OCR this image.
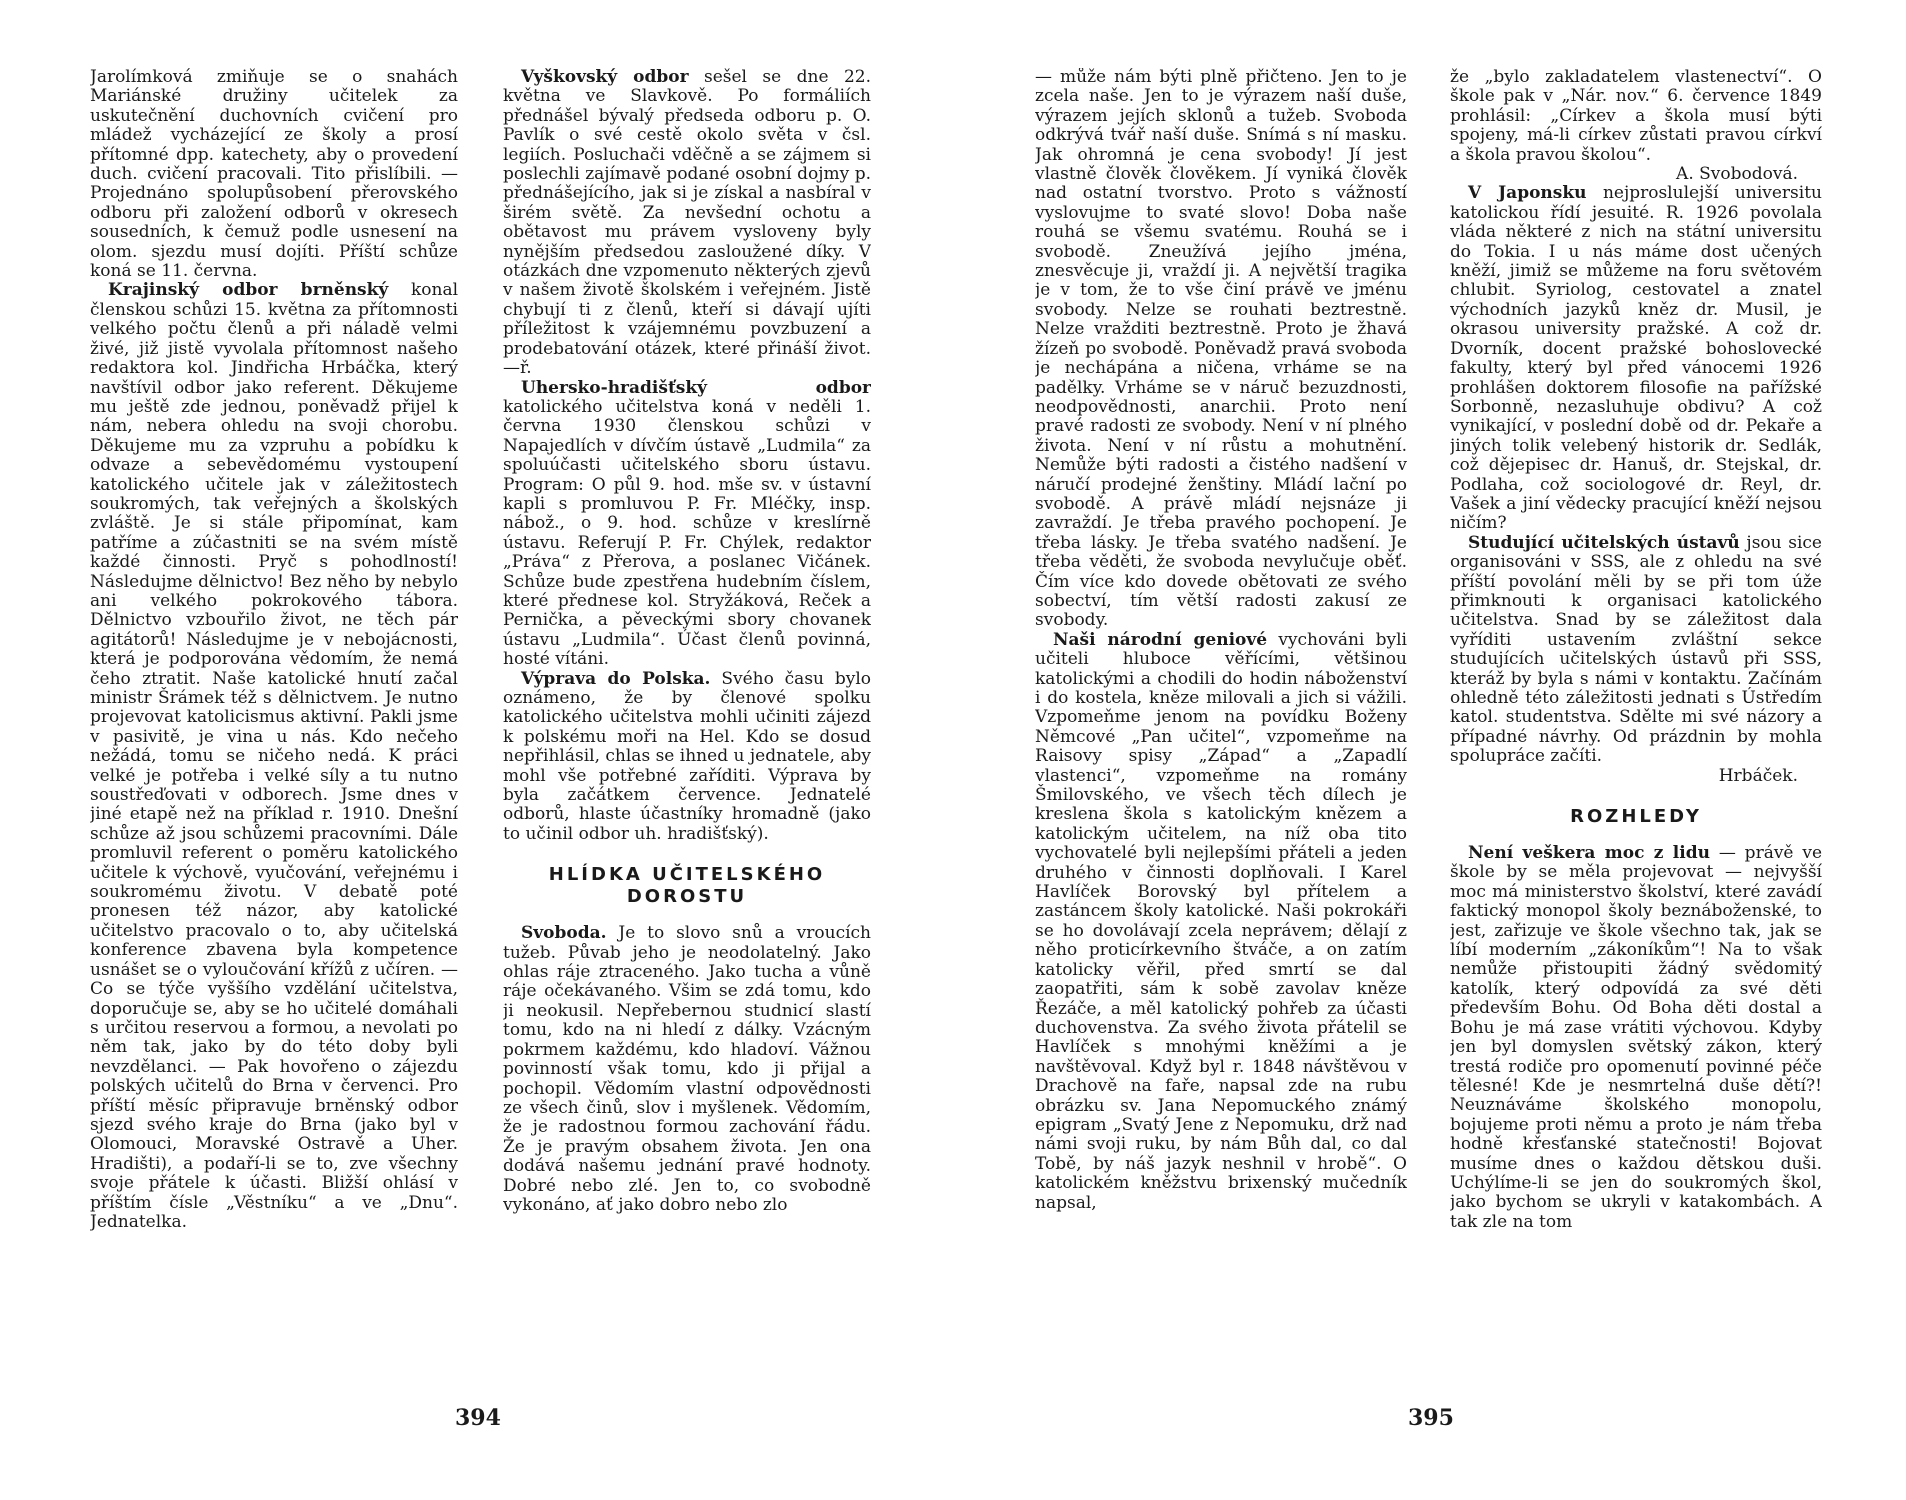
Jarolímková zmiňuje se o snahách Mariánské družiny učitelek za uskutečnění duchovních cvičení pro mládež vycházející ze školy a prosí přítomné dpp. katechety, aby o provedení duch. cvičení pracovali. Tito přislíbili. — Projednáno spolupůsobení přerovského odboru při založení odborů v okresech sousedních, k čemuž podle usnesení na olom. sjezdu musí dojíti. Příští schůze koná se 11. června.

Krajinský odbor brněnský konal členskou schůzi 15. května za přítomnosti velkého počtu členů a při náladě velmi živé, již jistě vyvolala přítomnost našeho redaktora kol. Jindřicha Hrbáčka, který navštívil odbor jako referent. Děkujeme mu ještě zde jednou, poněvadž přijel k nám, nebera ohledu na svoji chorobu. Děkujeme mu za vzpruhu a pobídku k odvaze a sebevědomému vystoupení katolického učitele jak v záležitostech soukromých, tak veřejných a školských zvláště. Je si stále připomínat, kam patříme a zúčastniti se na svém místě každé činnosti. Pryč s pohodlností! Následujme dělnictvo! Bez něho by nebylo ani velkého pokrokového tábora. Dělnictvo vzbouřilo život, ne těch pár agitátorů! Následujme je v nebojácnosti, která je podporována vědomím, že nemá čeho ztratit. Naše katolické hnutí začal ministr Šrámek též s dělnictvem. Je nutno projevovat katolicismus aktivní. Pakli jsme v pasivitě, je vina u nás. Kdo nečeho nežádá, tomu se ničeho nedá. K práci velké je potřeba i velké síly a tu nutno soustřeďovati v odborech. Jsme dnes v jiné etapě než na příklad r. 1910. Dnešní schůze až jsou schůzemi pracovními. Dále promluvil referent o poměru katolického učitele k výchově, vyučování, veřejnému i soukromému životu. V debatě poté pronesen též názor, aby katolické učitelstvo pracovalo o to, aby učitelská konference zbavena byla kompetence usnášet se o vyloučování křížů z učíren. — Co se týče vyššího vzdělání učitelstva, doporučuje se, aby se ho učitelé domáhali s určitou reservou a formou, a nevolati po něm tak, jako by do této doby byli nevzdělanci. — Pak hovořeno o zájezdu polských učitelů do Brna v červenci. Pro příští měsíc připravuje brněnský odbor sjezd svého kraje do Brna (jako byl v Olomouci, Moravské Ostravě a Uher. Hradišti), a podaří-li se to, zve všechny svoje přátele k účasti. Bližší ohlásí v příštím čísle „Věstníku“ a ve „Dnu“. Jednatelka.

Vyškovský odbor sešel se dne 22. května ve Slavkově. Po formáliích přednášel bývalý předseda odboru p. O. Pavlík o své cestě okolo světa v čsl. legiích. Posluchači vděčně a se zájmem si poslechli zajímavě podané osobní dojmy p. přednášejícího, jak si je získal a nasbíral v širém světě. Za nevšední ochotu a obětavost mu právem vysloveny byly nynějším předsedou zasloužené díky. V otázkách dne vzpomenuto některých zjevů v našem životě školském i veřejném. Jistě chybují ti z členů, kteří si dávají ujíti příležitost k vzájemnému povzbuzení a prodebatování otázek, které přináší život. —ř.

Uhersko-hradišťský odbor katolického učitelstva koná v neděli 1. června 1930 členskou schůzi v Napajedlích v dívčím ústavě „Ludmila“ za spoluúčasti učitelského sboru ústavu. Program: O půl 9. hod. mše sv. v ústavní kapli s promluvou P. Fr. Mléčky, insp. nábož., o 9. hod. schůze v kreslírně ústavu. Referují P. Fr. Chýlek, redaktor „Práva“ z Přerova, a poslanec Vičánek. Schůze bude zpestřena hudebním číslem, které přednese kol. Stryžáková, Reček a Pernička, a pěveckými sbory chovanek ústavu „Ludmila“. Účast členů povinná, hosté vítáni.

Výprava do Polska. Svého času bylo oznámeno, že by členové spolku katolického učitelstva mohli učiniti zájezd k polskému moři na Hel. Kdo se dosud nepřihlásil, chlas se ihned u jednatele, aby mohl vše potřebné zaříditi. Výprava by byla začátkem července. Jednatelé odborů, hlaste účastníky hromadně (jako to učinil odbor uh. hradišťský).

HLÍDKA UČITELSKÉHO DOROSTU

Svoboda. Je to slovo snů a vroucích tužeb. Půvab jeho je neodolatelný. Jako ohlas ráje ztraceného. Jako tucha a vůně ráje očekávaného. Všim se zdá tomu, kdo ji neokusil. Nepřebernou studnicí slastí tomu, kdo na ni hledí z dálky. Vzácným pokrmem každému, kdo hladoví. Vážnou povinností však tomu, kdo ji přijal a pochopil. Vědomím vlastní odpovědnosti ze všech činů, slov i myšlenek. Vědomím, že je radostnou formou zachování řádu. Že je pravým obsahem života. Jen ona dodává našemu jednání pravé hodnoty. Dobré nebo zlé. Jen to, co svobodně vykonáno, ať jako dobro nebo zlo

394

— může nám býti plně přičteno. Jen to je zcela naše. Jen to je výrazem naší duše, výrazem jejích sklonů a tužeb. Svoboda odkrývá tvář naší duše. Snímá s ní masku. Jak ohromná je cena svobody! Jí jest vlastně člověk člověkem. Jí vyniká člověk nad ostatní tvorstvo. Proto s vážností vyslovujme to svaté slovo! Doba naše rouhá se všemu svatému. Rouhá se i svobodě. Zneužívá jejího jména, znesvěcuje ji, vraždí ji. A největší tragika je v tom, že to vše činí právě ve jménu svobody. Nelze se rouhati beztrestně. Nelze vražditi beztrestně. Proto je žhavá žízeň po svobodě. Poněvadž pravá svoboda je nechápána a ničena, vrháme se na padělky. Vrháme se v náruč bezuzdnosti, neodpovědnosti, anarchii. Proto není pravé radosti ze svobody. Není v ní plného života. Není v ní růstu a mohutnění. Nemůže býti radosti a čistého nadšení v náručí prodejné ženštiny. Mládí lační po svobodě. A právě mládí nejsnáze ji zavraždí. Je třeba pravého pochopení. Je třeba lásky. Je třeba svatého nadšení. Je třeba věděti, že svoboda nevylučuje oběť. Čím více kdo dovede obětovati ze svého sobectví, tím větší radosti zakusí ze svobody.

Naši národní geniové vychováni byli učiteli hluboce věřícími, většinou katolickými a chodili do hodin náboženství i do kostela, kněze milovali a jich si vážili. Vzpomeňme jenom na povídku Boženy Němcové „Pan učitel“, vzpomeňme na Raisovy spisy „Západ“ a „Zapadlí vlastenci“, vzpomeňme na romány Šmilovského, ve všech těch dílech je kreslena škola s katolickým knězem a katolickým učitelem, na níž oba tito vychovatelé byli nejlepšími přáteli a jeden druhého v činnosti doplňovali. I Karel Havlíček Borovský byl přítelem a zastáncem školy katolické. Naši pokrokáři se ho dovolávají zcela neprávem; dělají z něho proticírkevního štváče, a on zatím katolicky věřil, před smrtí se dal zaopatřiti, sám k sobě zavolav kněze Řezáče, a měl katolický pohřeb za účasti duchovenstva. Za svého života přátelil se Havlíček s mnohými kněžími a je navštěvoval. Když byl r. 1848 návštěvou v Drachově na faře, napsal zde na rubu obrázku sv. Jana Nepomuckého známý epigram „Svatý Jene z Nepomuku, drž nad námi svoji ruku, by nám Bůh dal, co dal Tobě, by náš jazyk neshnil v hrobě“. O katolickém kněžstvu brixenský mučedník napsal,

že „bylo zakladatelem vlastenectví“. O škole pak v „Nár. nov.“ 6. července 1849 prohlásil: „Církev a škola musí býti spojeny, má-li církev zůstati pravou církví a škola pravou školou“.

A. Svobodová.

V Japonsku nejproslulejší universitu katolickou řídí jesuité. R. 1926 povolala vláda některé z nich na státní universitu do Tokia. I u nás máme dost učených kněží, jimiž se můžeme na foru světovém chlubit. Syriolog, cestovatel a znatel východních jazyků kněz dr. Musil, je okrasou university pražské. A což dr. Dvorník, docent pražské bohoslovecké fakulty, který byl před vánocemi 1926 prohlášen doktorem filosofie na pařížské Sorbonně, nezasluhuje obdivu? A což vynikající, v poslední době od dr. Pekaře a jiných tolik velebený historik dr. Sedlák, což dějepisec dr. Hanuš, dr. Stejskal, dr. Podlaha, což sociologové dr. Reyl, dr. Vašek a jiní vědecky pracující kněží nejsou ničím?

Studující učitelských ústavů jsou sice organisováni v SSS, ale z ohledu na své příští povolání měli by se při tom úže přimknouti k organisaci katolického učitelstva. Snad by se záležitost dala vyříditi ustavením zvláštní sekce studujících učitelských ústavů při SSS, kteráž by byla s námi v kontaktu. Začínám ohledně této záležitosti jednati s Ústředím katol. studentstva. Sdělte mi své názory a případné návrhy. Od prázdnin by mohla spolupráce začíti.

Hrbáček.

ROZHLEDY

Není veškera moc z lidu — právě ve škole by se měla projevovat — nejvyšší moc má ministerstvo školství, které zavádí faktický monopol školy beznáboženské, to jest, zařizuje ve škole všechno tak, jak se líbí moderním „zákoníkům“! Na to však nemůže přistoupiti žádný svědomitý katolík, který odpovídá za své děti především Bohu. Od Boha děti dostal a Bohu je má zase vrátiti výchovou. Kdyby jen byl domyslen světský zákon, který trestá rodiče pro opomenutí povinné péče tělesné! Kde je nesmrtelná duše dětí?! Neuznáváme školského monopolu, bojujeme proti němu a proto je nám třeba hodně křesťanské statečnosti! Bojovat musíme dnes o každou dětskou duši. Uchýlíme-li se jen do soukromých škol, jako bychom se ukryli v katakombách. A tak zle na tom

395
